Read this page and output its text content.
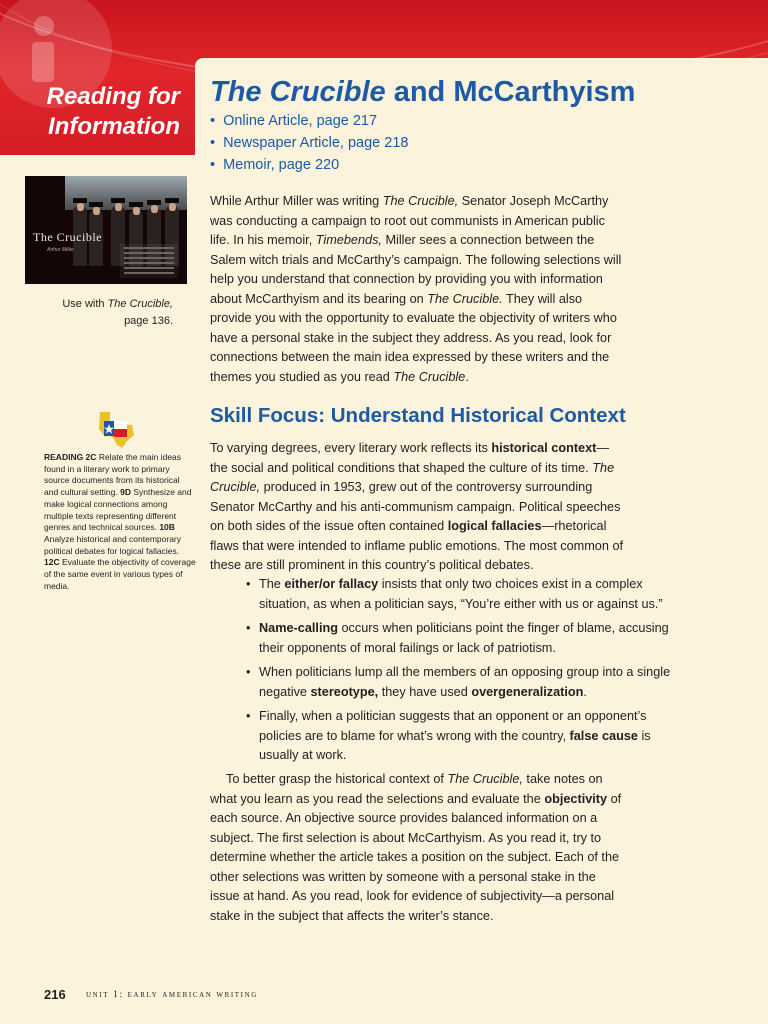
Reading for
Information
The Crucible and McCarthyism
• Online Article, page 217
• Newspaper Article, page 218
• Memoir, page 220
The Crucible
Arthur Miller
Use with The Crucible,
page 136.
READING 2C Relate the main ideas found in a literary work to primary source documents from its historical and cultural setting. 9D Synthesize and make logical connections among multiple texts representing different genres and technical sources. 10B Analyze historical and contemporary political debates for logical fallacies. 12C Evaluate the objectivity of coverage of the same event in various types of media.

While Arthur Miller was writing The Crucible, Senator Joseph McCarthy was conducting a campaign to root out communists in American public life. In his memoir, Timebends, Miller sees a connection between the Salem witch trials and McCarthy’s campaign. The following selections will help you understand that connection by providing you with information about McCarthyism and its bearing on The Crucible. They will also provide you with the opportunity to evaluate the objectivity of writers who have a personal stake in the subject they address. As you read, look for connections between the main idea expressed by these writers and the themes you studied as you read The Crucible.

Skill Focus: Understand Historical Context

To varying degrees, every literary work reflects its historical context—the social and political conditions that shaped the culture of its time. The Crucible, produced in 1953, grew out of the controversy surrounding Senator McCarthy and his anti-communism campaign. Political speeches on both sides of the issue often contained logical fallacies—rhetorical flaws that were intended to inflame public emotions. The most common of these are still prominent in this country’s political debates.

• The either/or fallacy insists that only two choices exist in a complex situation, as when a politician says, “You’re either with us or against us.”
• Name-calling occurs when politicians point the finger of blame, accusing their opponents of moral failings or lack of patriotism.
• When politicians lump all the members of an opposing group into a single negative stereotype, they have used overgeneralization.
• Finally, when a politician suggests that an opponent or an opponent’s policies are to blame for what’s wrong with the country, false cause is usually at work.

To better grasp the historical context of The Crucible, take notes on what you learn as you read the selections and evaluate the objectivity of each source. An objective source provides balanced information on a subject. The first selection is about McCarthyism. As you read it, try to determine whether the article takes a position on the subject. Each of the other selections was written by someone with a personal stake in the issue at hand. As you read, look for evidence of subjectivity—a personal stake in the subject that affects the writer’s stance.

216 unit 1: early american writing
